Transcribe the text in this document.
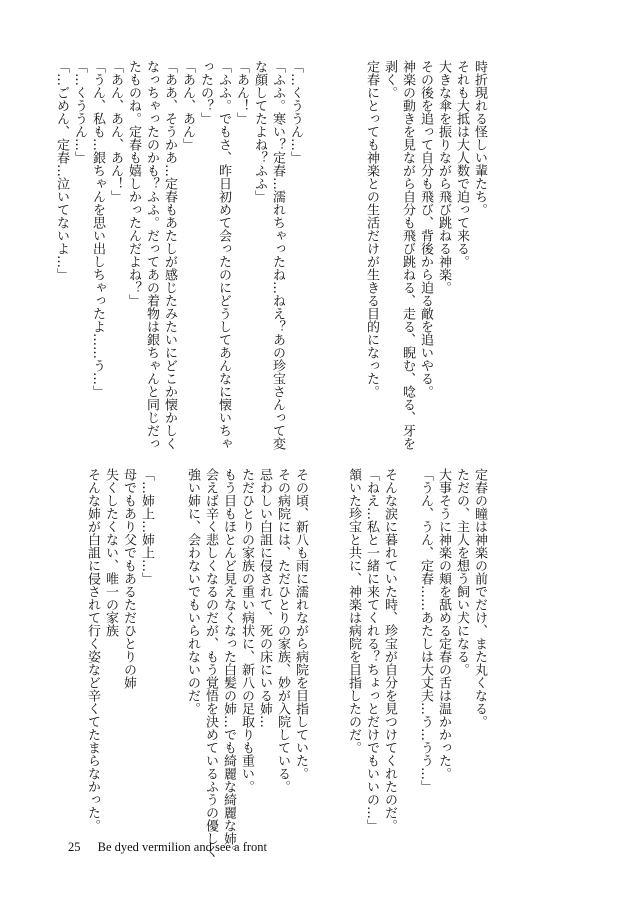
時折現れる怪しい輩たち。
それも大抵は大人数で迫って来る。
大きな傘を振りながら飛び跳ねる神楽。
その後を追って自分も飛び、背後から迫る敵を追いやる。
神楽の動きを見ながら自分も飛び跳ねる、走る、睨む、唸る、牙を
剥く。
定春にとっても神楽との生活だけが生きる目的になった。
「…くううん…」
「ふふ。寒い？定春…濡れちゃったね…ねえ？あの珍宝さんって変
な顔してたよね？ふふ」
「あん！」
「ふふ。でもさ、昨日初めて会ったのにどうしてあんなに懐いちゃ
ったの？」
「あん、あん」
「ああ、そうかあ…定春もあたしが感じたみたいにどこか懐かしく
なっちゃったのかも？ふふ。だってあの着物は銀ちゃんと同じだっ
たものね。定春も嬉しかったんだよね？」
「あん、あん、あん！」
「うん、私も…銀ちゃんを思い出しちゃったよ……う…」
「…くううん…」
「…ごめん、定春…泣いてないよ…」
定春の瞳は神楽の前でだけ、また丸くなる。
ただの、主人を想う飼い犬になる。
大事そうに神楽の頬を舐める定春の舌は温かかった。
「うん、うん、定春……あたしは大丈夫…う…うう…」
そんな涙に暮れていた時、珍宝が自分を見つけてくれたのだ。
「ねえ…私と一緒に来てくれる？ちょっとだけでもいいの…」
頷いた珍宝と共に、神楽は病院を目指したのだ。
その頃、新八も雨に濡れながら病院を目指していた。
その病院には、ただひとりの家族、妙が入院している。
忌わしい白詛に侵されて、死の床にいる姉…
ただひとりの家族の重い病状に、新八の足取りも重い。
もう目もほとんど見えなくなった白髪の姉…でも綺麗な綺麗な姉。
会えば辛く悲しくなるのだが、もう覚悟を決めているふうの優しく
強い姉に、会わないでもいられないのだ。
「…姉上…姉上…」
母でもあり父でもあるただひとりの姉
失くしたくない、唯一の家族
そんな姉が白詛に侵されて行く姿など辛くてたまらなかった。
25 Be dyed vermilion and see a front
